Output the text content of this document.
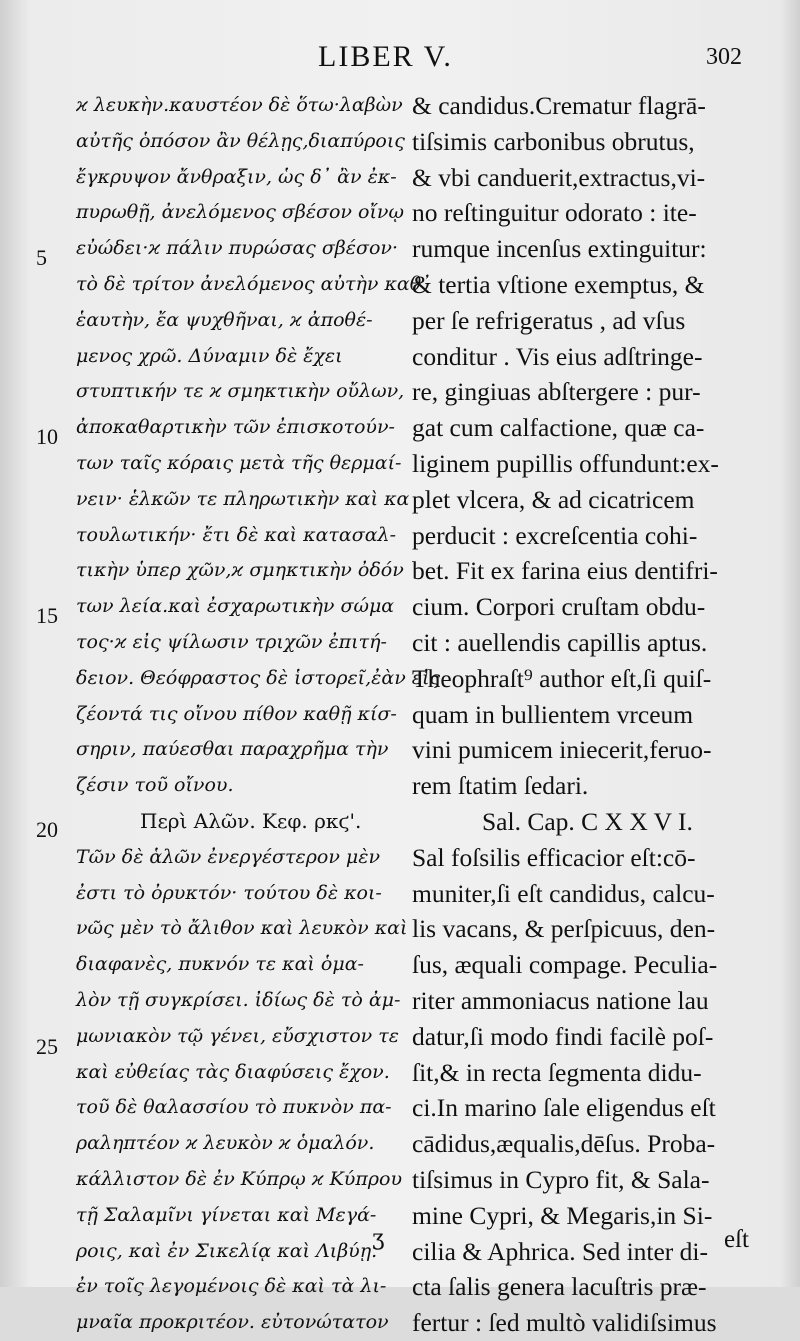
LIBER V.	302
5
10
15
20
25
ϰ λευκὴν.καυστέον δὲ ὅτω·λαβὼν
αὐτῆς ὁπόσον ἂν θέλῃς,διαπύροις
ἔγκρυψον ἄνθραξιν, ὡς δ᾽ ἂν ἐκ-
πυρωθῇ, ἀνελόμενος σβέσον οἴνῳ
εὐώδει·ϰ πάλιν πυρώσας σβέσον·
τὸ δὲ τρίτον ἀνελόμενος αὐτὴν καθ᾽
ἑαυτὴν, ἔα ψυχθῆναι, ϰ ἀποθέ-
μενος χρῶ. Δύναμιν δὲ ἔχει
στυπτικήν τε ϰ σμηκτικὴν οὔλων,
ἀποκαθαρτικὴν τῶν ἐπισκοτούν-
των ταῖς κόραις μετὰ τῆς θερμαί-
νειν· ἑλκῶν τε πληρωτικὴν καὶ κα
τουλωτικήν· ἔτι δὲ καὶ κατασαλ-
τικὴν ὑπερ χῶν,ϰ σμηκτικὴν ὀδόν
των λεία.καὶ ἐσχαρωτικὴν σώμα
τος·ϰ εἰς ψίλωσιν τριχῶν ἐπιτή-
δειον. Θεόφραστος δὲ ἱστορεῖ,ἐὰν εἰς
ζέοντά τις οἴνου πίθον καθῇ κίσ-
σηριν, παύεσθαι παραχρῆμα τὴν
ζέσιν τοῦ οἴνου.
Περὶ Αλῶν. Κεφ. ρκϛ'.
Τῶν δὲ ἁλῶν ἐνεργέστερον μὲν
ἐστι τὸ ὀρυκτόν· τούτου δὲ κοι-
νῶς μὲν τὸ ἄλιθον καὶ λευκὸν καὶ
διαφανὲς, πυκνόν τε καὶ ὁμα-
λὸν τῇ συγκρίσει. ἰδίως δὲ τὸ ἀμ-
μωνιακὸν τῷ γένει, εὔσχιστον τε
καὶ εὐθείας τὰς διαφύσεις ἔχον.
τοῦ δὲ θαλασσίου τὸ πυκνὸν πα-
ραληπτέον ϰ λευκὸν ϰ ὁμαλόν.
κάλλιστον δὲ ἐν Κύπρῳ ϰ Κύπρου
τῇ Σαλαμῖνι γίνεται καὶ Μεγά-
ροις, καὶ ἐν Σικελίᾳ καὶ Λιβύῃ.
ἐν τοῖς λεγομένοις δὲ καὶ τὰ λι-
μναῖα προκριτέον. εὐτονώτατον
& candidus.Crematur flagrā-
tiſsimis carbonibus obrutus,
& vbi canduerit,extractus,vi-
no reſtinguitur odorato : ite-
rumque incenſus extinguitur:
& tertia vſtione exemptus, &
per ſe refrigeratus , ad vſus
conditur . Vis eius adſtringe-
re, gingiuas abſtergere : pur-
gat cum calfactione, quæ ca-
liginem pupillis offundunt:ex-
plet vlcera, & ad cicatricem
perducit : excreſcentia cohi-
bet. Fit ex farina eius dentifri-
cium. Corpori cruſtam obdu-
cit : auellendis capillis aptus.
Theophraſt⁹ author eſt,ſi quiſ-
quam in bullientem vrceum
vini pumicem iniecerit,feruo-
rem ſtatim ſedari.
Sal. Cap. C X X V I.
Sal foſsilis efficacior eſt:cō-
muniter,ſi eſt candidus, calcu-
lis vacans, & perſpicuus, den-
ſus, æquali compage. Peculia-
riter ammoniacus natione lau
datur,ſi modo findi facilè poſ-
ſit,& in recta ſegmenta didu-
ci.In marino ſale eligendus eſt
cādidus,æqualis,dēſus. Proba-
tiſsimus in Cypro fit, & Sala-
mine Cypri, & Megaris,in Si-
cilia & Aphrica. Sed inter di-
cta ſalis genera lacuſtris præ-
fertur : ſed multò validiſsimus
ʒ	eſt
